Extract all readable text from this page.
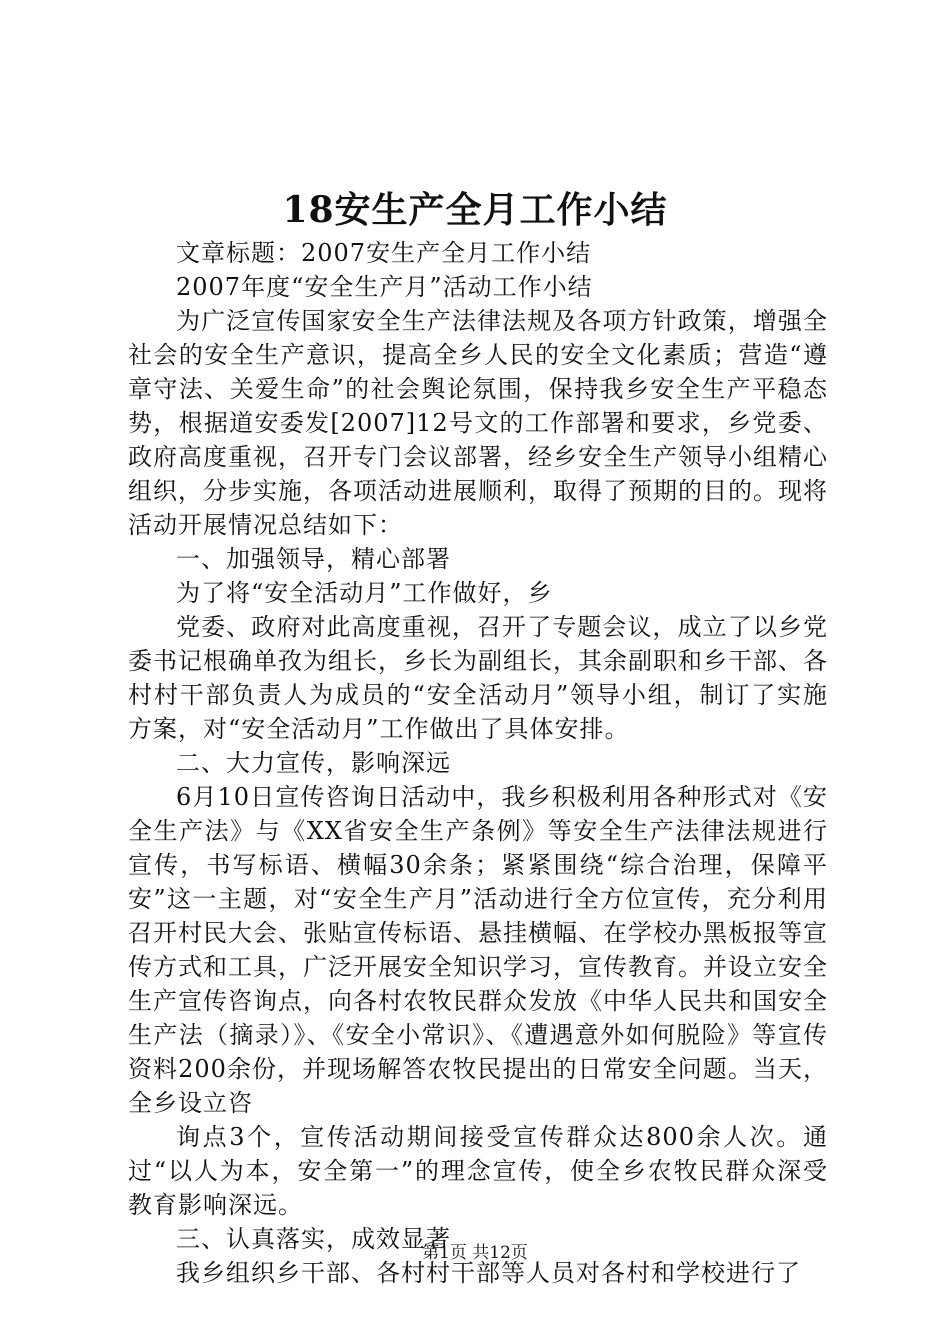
18安生产全月工作小结

文章标题：2007安生产全月工作小结

2007年度“安全生产月”活动工作小结

为广泛宣传国家安全生产法律法规及各项方针政策，增强全社会的安全生产意识，提高全乡人民的安全文化素质；营造“遵章守法、关爱生命”的社会舆论氛围，保持我乡安全生产平稳态势，根据道安委发[2007]12号文的工作部署和要求，乡党委、政府高度重视，召开专门会议部署，经乡安全生产领导小组精心组织，分步实施，各项活动进展顺利，取得了预期的目的。现将活动开展情况总结如下：

一、加强领导，精心部署

为了将“安全活动月”工作做好，乡

党委、政府对此高度重视，召开了专题会议，成立了以乡党委书记根确单孜为组长，乡长为副组长，其余副职和乡干部、各村村干部负责人为成员的“安全活动月”领导小组，制订了实施方案，对“安全活动月”工作做出了具体安排。

二、大力宣传，影响深远

6月10日宣传咨询日活动中，我乡积极利用各种形式对《安全生产法》与《XX省安全生产条例》等安全生产法律法规进行宣传，书写标语、横幅30余条；紧紧围绕“综合治理，保障平安”这一主题，对“安全生产月”活动进行全方位宣传，充分利用召开村民大会、张贴宣传标语、悬挂横幅、在学校办黑板报等宣传方式和工具，广泛开展安全知识学习，宣传教育。并设立安全生产宣传咨询点，向各村农牧民群众发放《中华人民共和国安全生产法（摘录）》、《安全小常识》、《遭遇意外如何脱险》等宣传资料200余份，并现场解答农牧民提出的日常安全问题。当天，全乡设立咨

询点3个，宣传活动期间接受宣传群众达800余人次。通过“以人为本，安全第一”的理念宣传，使全乡农牧民群众深受教育影响深远。

三、认真落实，成效显著

我乡组织乡干部、各村村干部等人员对各村和学校进行了

第1页 共12页
